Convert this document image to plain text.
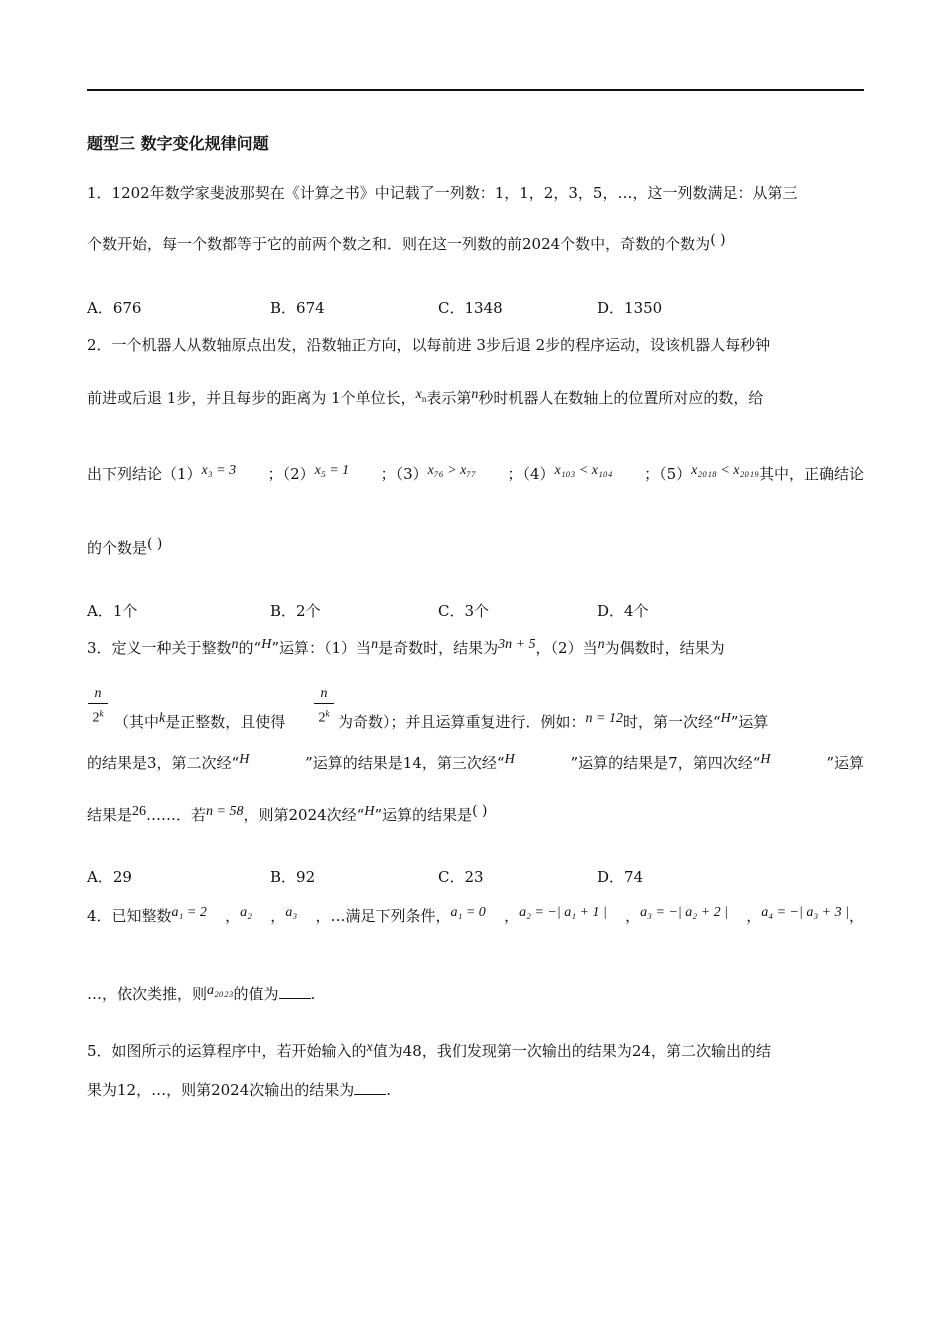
题型三 数字变化规律问题
1．1202年数学家斐波那契在《计算之书》中记载了一列数：1，1，2，3，5，…，这一列数满足：从第三
个数开始，每一个数都等于它的前两个数之和．则在这一列数的前2024个数中，奇数的个数为( )
A．676	B．674	C．1348	D．1350
2．一个机器人从数轴原点出发，沿数轴正方向，以每前进 3步后退 2步的程序运动，设该机器人每秒钟
前进或后退 1步，并且每步的距离为 1个单位长，$x_n$表示第n秒时机器人在数轴上的位置所对应的数，给
出下列结论（1）x₃ = 3 ；（2）x₅ = 1 ；（3）x₇₆ > x₇₇ ；（4）x₁₀₃ < x₁₀₄ ；（5）x₂₀₁₈ < x₂₀₁₉其中，正确结论
的个数是( )
A．1个	B．2个	C．3个	D．4个
3．定义一种关于整数n的“H”运算：（1）当n是奇数时，结果为3n + 5，（2）当n为偶数时，结果为
n
2$^k$
n
2$^k$
（其中k是正整数，且使得	为奇数）；并且运算重复进行．例如：n = 12时，第一次经“H”运算
的结果是3，第二次经“H	”运算的结果是14，第三次经“H	”运算的结果是7，第四次经“H	”运算
结果是26……．若n = 58，则第2024次经“H”运算的结果是( )
A．29	B．92	C．23	D．74
4．已知整数a₁ = 2 ，a₂ ，a₃ ，…满足下列条件，a₁ = 0 ，a₂ = −| a₁ + 1 | ，a₃ = −| a₂ + 2 | ，a₄ = −| a₃ + 3 |，
…，依次类推，则a₂₀₂₃的值为 .
5．如图所示的运算程序中，若开始输入的x值为48，我们发现第一次输出的结果为24，第二次输出的结
果为12，…，则第2024次输出的结果为 .
